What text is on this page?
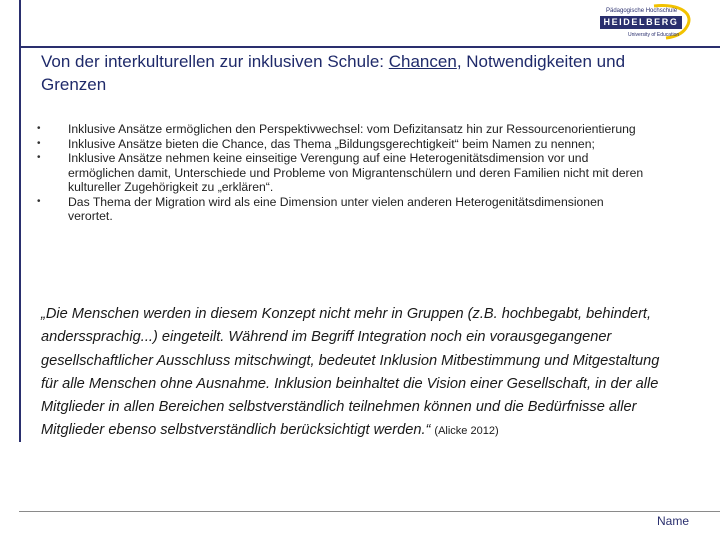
Pädagogische Hochschule
HEIDELBERG
University of Education
Von der interkulturellen zur inklusiven Schule: Chancen, Notwendigkeiten und Grenzen
• Inklusive Ansätze ermöglichen den Perspektivwechsel: vom Defizitansatz hin zur Ressourcenorientierung
• Inklusive Ansätze bieten die Chance, das Thema „Bildungsgerechtigkeit“ beim Namen zu nennen;
• Inklusive Ansätze nehmen keine einseitige Verengung auf eine Heterogenitätsdimension vor und ermöglichen damit, Unterschiede und Probleme von Migrantenschülern und deren Familien nicht mit deren kultureller Zugehörigkeit zu „erklären“.
• Das Thema der Migration wird als eine Dimension unter vielen anderen Heterogenitätsdimensionen verortet.
„Die Menschen werden in diesem Konzept nicht mehr in Gruppen (z.B. hochbegabt, behindert, anderssprachig...) eingeteilt. Während im Begriff Integration noch ein vorausgegangener gesellschaftlicher Ausschluss mitschwingt, bedeutet Inklusion Mitbestimmung und Mitgestaltung für alle Menschen ohne Ausnahme. Inklusion beinhaltet die Vision einer Gesellschaft, in der alle Mitglieder in allen Bereichen selbstverständlich teilnehmen können und die Bedürfnisse aller Mitglieder ebenso selbstverständlich berücksichtigt werden.“ (Alicke 2012)
Name
